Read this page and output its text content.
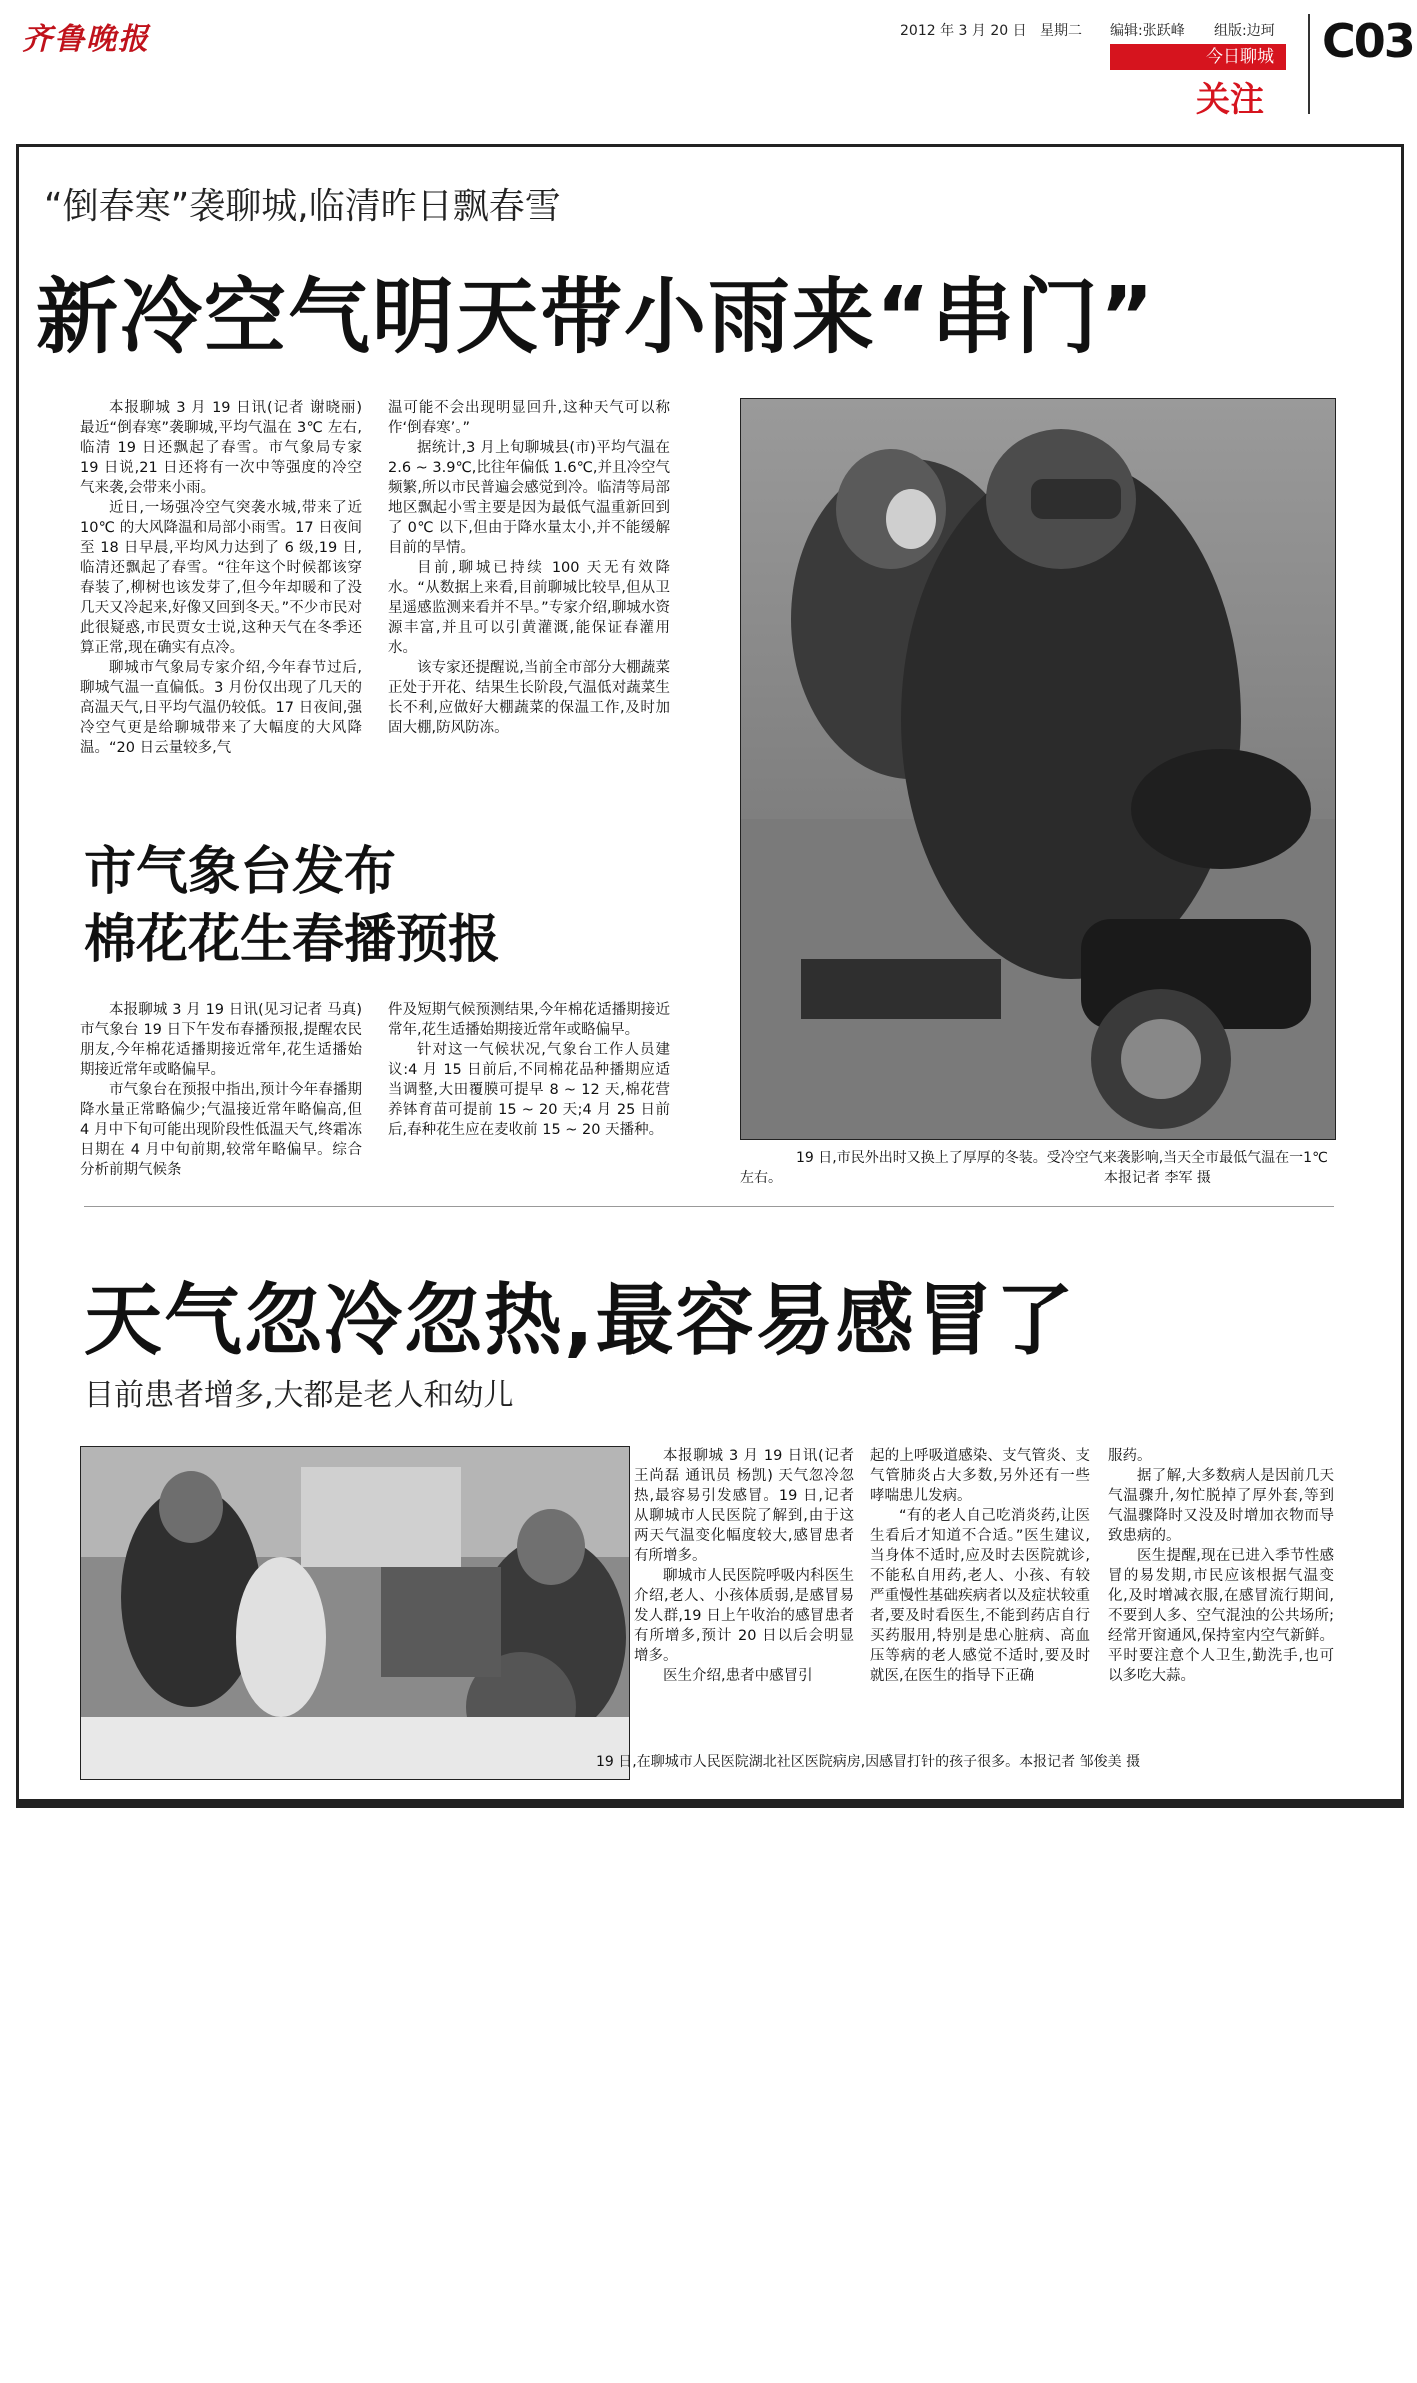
齐鲁晚报	2012 年 3 月 20 日 星期二 编辑:张跃峰 组版:边珂
今日聊城
关注
C03
“倒春寒”袭聊城,临清昨日飘春雪
新冷空气明天带小雨来“串门”

本报聊城 3 月 19 日讯(记者 谢晓丽) 最近“倒春寒”袭聊城,平均气温在 3℃ 左右,临清 19 日还飘起了春雪。市气象局专家 19 日说,21 日还将有一次中等强度的冷空气来袭,会带来小雨。

近日,一场强冷空气突袭水城,带来了近 10℃ 的大风降温和局部小雨雪。17 日夜间至 18 日早晨,平均风力达到了 6 级,19 日,临清还飘起了春雪。“往年这个时候都该穿春装了,柳树也该发芽了,但今年却暖和了没几天又冷起来,好像又回到冬天。”不少市民对此很疑惑,市民贾女士说,这种天气在冬季还算正常,现在确实有点冷。

聊城市气象局专家介绍,今年春节过后,聊城气温一直偏低。3 月份仅出现了几天的高温天气,日平均气温仍较低。17 日夜间,强冷空气更是给聊城带来了大幅度的大风降温。“20 日云量较多,气

温可能不会出现明显回升,这种天气可以称作‘倒春寒’。”

据统计,3 月上旬聊城县(市)平均气温在 2.6 ~ 3.9℃,比往年偏低 1.6℃,并且冷空气频繁,所以市民普遍会感觉到冷。临清等局部地区飘起小雪主要是因为最低气温重新回到了 0℃ 以下,但由于降水量太小,并不能缓解目前的旱情。

目前,聊城已持续 100 天无有效降水。“从数据上来看,目前聊城比较旱,但从卫星遥感监测来看并不旱。”专家介绍,聊城水资源丰富,并且可以引黄灌溉,能保证春灌用水。

该专家还提醒说,当前全市部分大棚蔬菜正处于开花、结果生长阶段,气温低对蔬菜生长不利,应做好大棚蔬菜的保温工作,及时加固大棚,防风防冻。

19 日,市民外出时又换上了厚厚的冬装。受冷空气来袭影响,当天全市最低气温在一1℃ 左右。	本报记者 李军 摄
市气象台发布
棉花花生春播预报

本报聊城 3 月 19 日讯(见习记者 马真) 市气象台 19 日下午发布春播预报,提醒农民朋友,今年棉花适播期接近常年,花生适播始期接近常年或略偏早。

市气象台在预报中指出,预计今年春播期降水量正常略偏少;气温接近常年略偏高,但 4 月中下旬可能出现阶段性低温天气,终霜冻日期在 4 月中旬前期,较常年略偏早。综合分析前期气候条

件及短期气候预测结果,今年棉花适播期接近常年,花生适播始期接近常年或略偏早。

针对这一气候状况,气象台工作人员建议:4 月 15 日前后,不同棉花品种播期应适当调整,大田覆膜可提早 8 ~ 12 天,棉花营养钵育苗可提前 15 ~ 20 天;4 月 25 日前后,春种花生应在麦收前 15 ~ 20 天播种。

天气忽冷忽热,最容易感冒了
目前患者增多,大都是老人和幼儿

本报聊城 3 月 19 日讯(记者 王尚磊 通讯员 杨凯) 天气忽冷忽热,最容易引发感冒。19 日,记者从聊城市人民医院了解到,由于这两天气温变化幅度较大,感冒患者有所增多。

聊城市人民医院呼吸内科医生介绍,老人、小孩体质弱,是感冒易发人群,19 日上午收治的感冒患者有所增多,预计 20 日以后会明显增多。

医生介绍,患者中感冒引

起的上呼吸道感染、支气管炎、支气管肺炎占大多数,另外还有一些哮喘患儿发病。

“有的老人自己吃消炎药,让医生看后才知道不合适。”医生建议,当身体不适时,应及时去医院就诊,不能私自用药,老人、小孩、有较严重慢性基础疾病者以及症状较重者,要及时看医生,不能到药店自行买药服用,特别是患心脏病、高血压等病的老人感觉不适时,要及时就医,在医生的指导下正确

服药。

据了解,大多数病人是因前几天气温骤升,匆忙脱掉了厚外套,等到气温骤降时又没及时增加衣物而导致患病的。

医生提醒,现在已进入季节性感冒的易发期,市民应该根据气温变化,及时增减衣服,在感冒流行期间,不要到人多、空气混浊的公共场所;经常开窗通风,保持室内空气新鲜。平时要注意个人卫生,勤洗手,也可以多吃大蒜。

19 日,在聊城市人民医院湖北社区医院病房,因感冒打针的孩子很多。本报记者 邹俊美 摄
